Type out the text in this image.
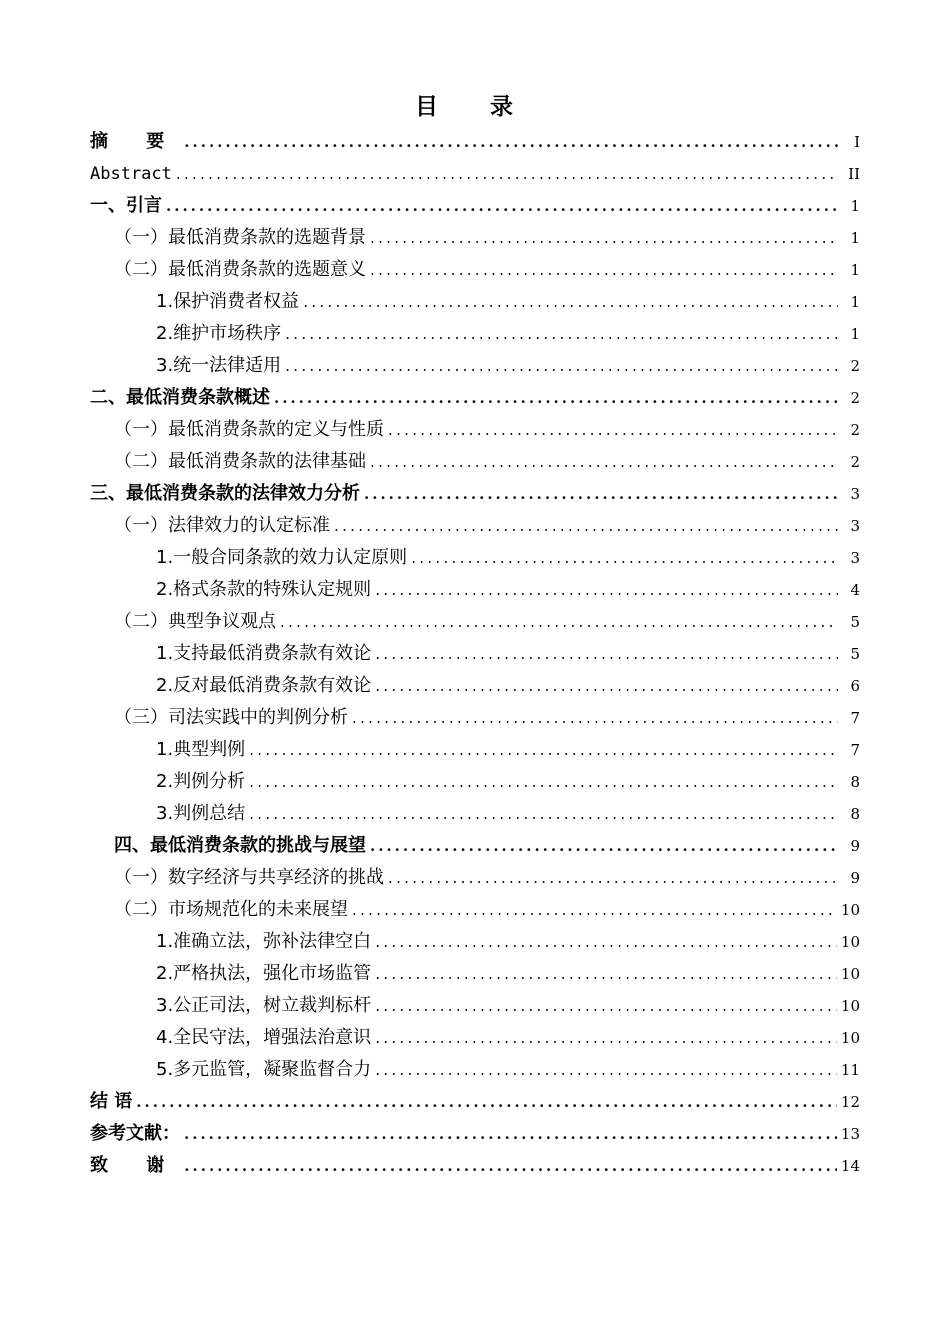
目 录
摘 要 .....	I
Abstract .....	II
一、引言 .....	1
（一）最低消费条款的选题背景 .....	1
（二）最低消费条款的选题意义 .....	1
1.保护消费者权益 .....	1
2.维护市场秩序 .....	1
3.统一法律适用 .....	2
二、最低消费条款概述 .....	2
（一）最低消费条款的定义与性质 .....	2
（二）最低消费条款的法律基础 .....	2
三、最低消费条款的法律效力分析 .....	3
（一）法律效力的认定标准 .....	3
1.一般合同条款的效力认定原则 .....	3
2.格式条款的特殊认定规则 .....	4
（二）典型争议观点 .....	5
1.支持最低消费条款有效论 .....	5
2.反对最低消费条款有效论 .....	6
（三）司法实践中的判例分析 .....	7
1.典型判例 .....	7
2.判例分析 .....	8
3.判例总结 .....	8
四、最低消费条款的挑战与展望 .....	9
（一）数字经济与共享经济的挑战 .....	9
（二）市场规范化的未来展望 .....	10
1.准确立法，弥补法律空白 .....	10
2.严格执法，强化市场监管 .....	10
3.公正司法，树立裁判标杆 .....	10
4.全民守法，增强法治意识 .....	10
5.多元监管，凝聚监督合力 .....	11
结 语 .....	12
参考文献： .....	13
致 谢 .....	14
